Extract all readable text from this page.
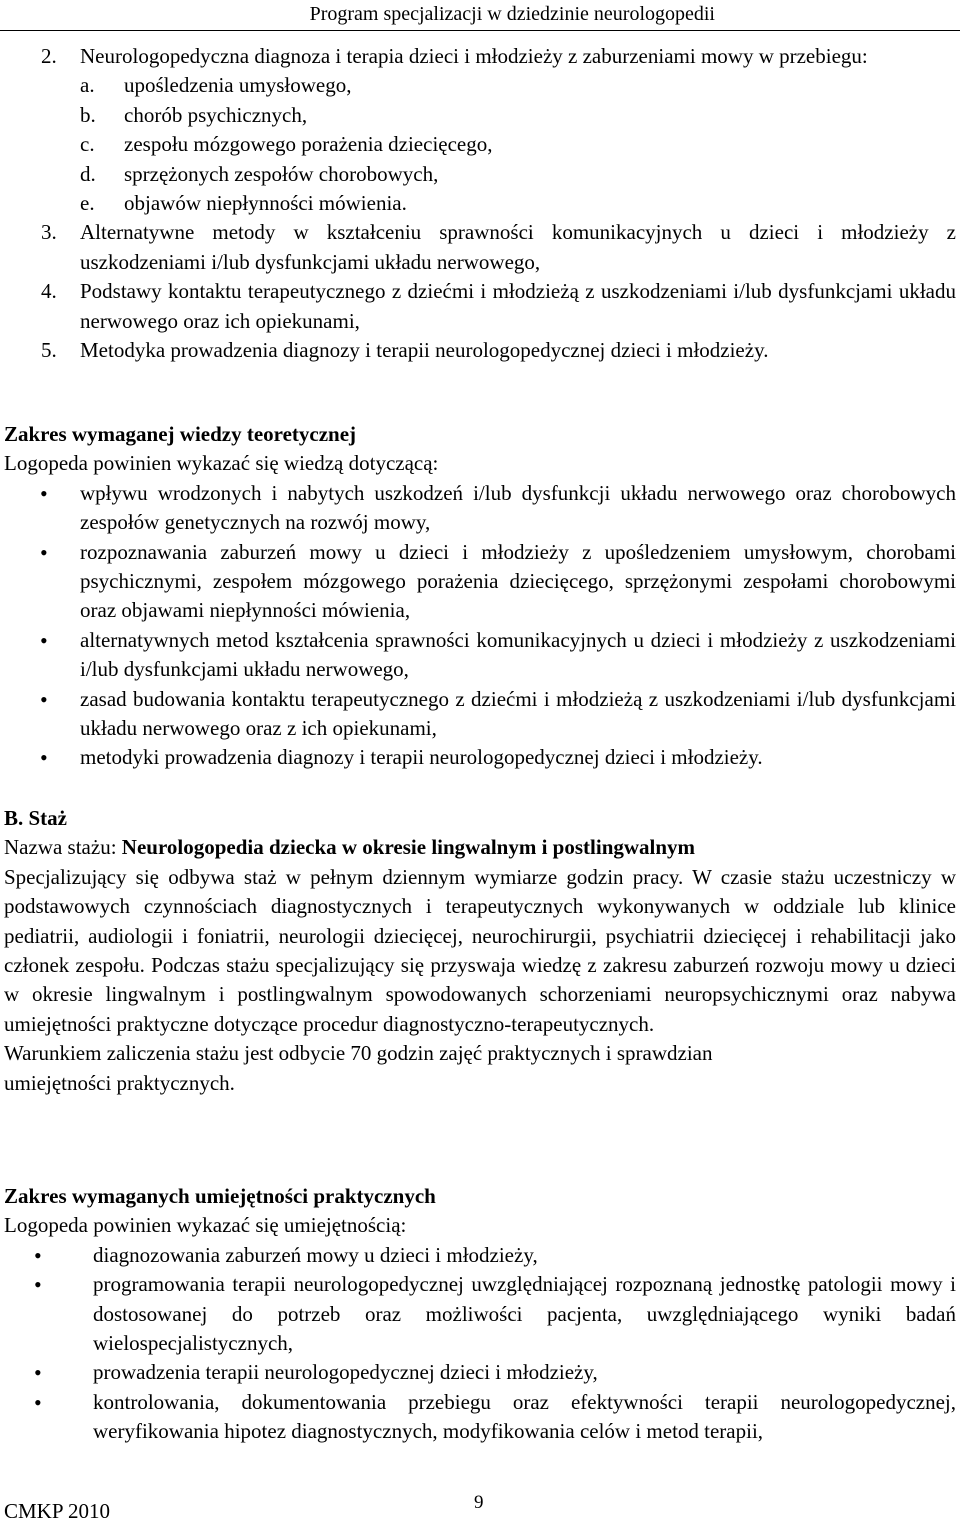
Program specjalizacji w dziedzinie neurologopedii
2. Neurologopedyczna diagnoza i terapia dzieci i młodzieży z zaburzeniami mowy w przebiegu:
a. upośledzenia umysłowego,
b. chorób psychicznych,
c. zespołu mózgowego porażenia dziecięcego,
d. sprzężonych zespołów chorobowych,
e. objawów niepłynności mówienia.
3. Alternatywne metody w kształceniu sprawności komunikacyjnych u dzieci i młodzieży z uszkodzeniami i/lub dysfunkcjami układu nerwowego,
4. Podstawy kontaktu terapeutycznego z dziećmi i młodzieżą z uszkodzeniami i/lub dysfunkcjami układu nerwowego oraz ich opiekunami,
5. Metodyka prowadzenia diagnozy i terapii neurologopedycznej dzieci i młodzieży.
Zakres wymaganej wiedzy teoretycznej
Logopeda powinien wykazać się wiedzą dotyczącą:
• wpływu wrodzonych i nabytych uszkodzeń i/lub dysfunkcji układu nerwowego oraz chorobowych zespołów genetycznych na rozwój mowy,
• rozpoznawania zaburzeń mowy u dzieci i młodzieży z upośledzeniem umysłowym, chorobami psychicznymi, zespołem mózgowego porażenia dziecięcego, sprzężonymi zespołami chorobowymi oraz objawami niepłynności mówienia,
• alternatywnych metod kształcenia sprawności komunikacyjnych u dzieci i młodzieży z uszkodzeniami i/lub dysfunkcjami układu nerwowego,
• zasad budowania kontaktu terapeutycznego z dziećmi i młodzieżą z uszkodzeniami i/lub dysfunkcjami układu nerwowego oraz z ich opiekunami,
• metodyki prowadzenia diagnozy i terapii neurologopedycznej dzieci i młodzieży.
B. Staż
Nazwa stażu: Neurologopedia dziecka w okresie lingwalnym i postlingwalnym

Specjalizujący się odbywa staż w pełnym dziennym wymiarze godzin pracy. W czasie stażu uczestniczy w podstawowych czynnościach diagnostycznych i terapeutycznych wykonywanych w oddziale lub klinice pediatrii, audiologii i foniatrii, neurologii dziecięcej, neurochirurgii, psychiatrii dziecięcej i rehabilitacji jako członek zespołu. Podczas stażu specjalizujący się przyswaja wiedzę z zakresu zaburzeń rozwoju mowy u dzieci w okresie lingwalnym i postlingwalnym spowodowanych schorzeniami neuropsychicznymi oraz nabywa umiejętności praktyczne dotyczące procedur diagnostyczno-terapeutycznych.

Warunkiem zaliczenia stażu jest odbycie 70 godzin zajęć praktycznych i sprawdzian
umiejętności praktycznych.
Zakres wymaganych umiejętności praktycznych
Logopeda powinien wykazać się umiejętnością:
• diagnozowania zaburzeń mowy u dzieci i młodzieży,
• programowania terapii neurologopedycznej uwzględniającej rozpoznaną jednostkę patologii mowy i dostosowanej do potrzeb oraz możliwości pacjenta, uwzględniającego wyniki badań wielospecjalistycznych,
• prowadzenia terapii neurologopedycznej dzieci i młodzieży,
• kontrolowania, dokumentowania przebiegu oraz efektywności terapii neurologopedycznej, weryfikowania hipotez diagnostycznych, modyfikowania celów i metod terapii,
CMKP 2010	9
